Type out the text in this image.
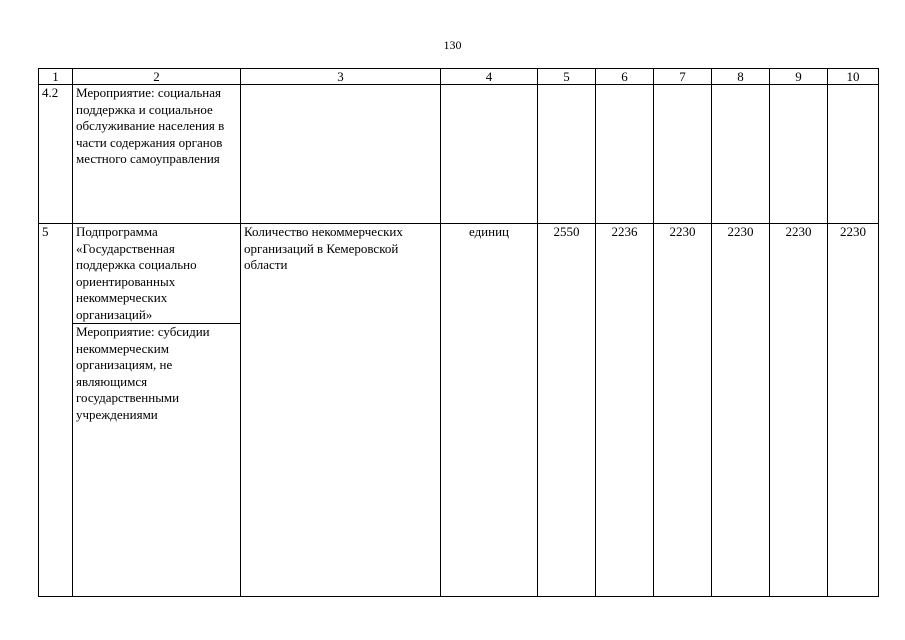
130
1	2	3	4	5	6	7	8	9	10
4.2	Мероприятие: социальная поддержка и социальное обслуживание населения в части содержания органов местного самоуправления								
5	Подпрограмма «Государственная поддержка социально ориентированных некоммерческих организаций»	Количество некоммерческих организаций в Кемеровской области	единиц	2550	2236	2230	2230	2230	2230
	Мероприятие: субсидии некоммерческим организациям, не являющимся государственными учреждениями								
